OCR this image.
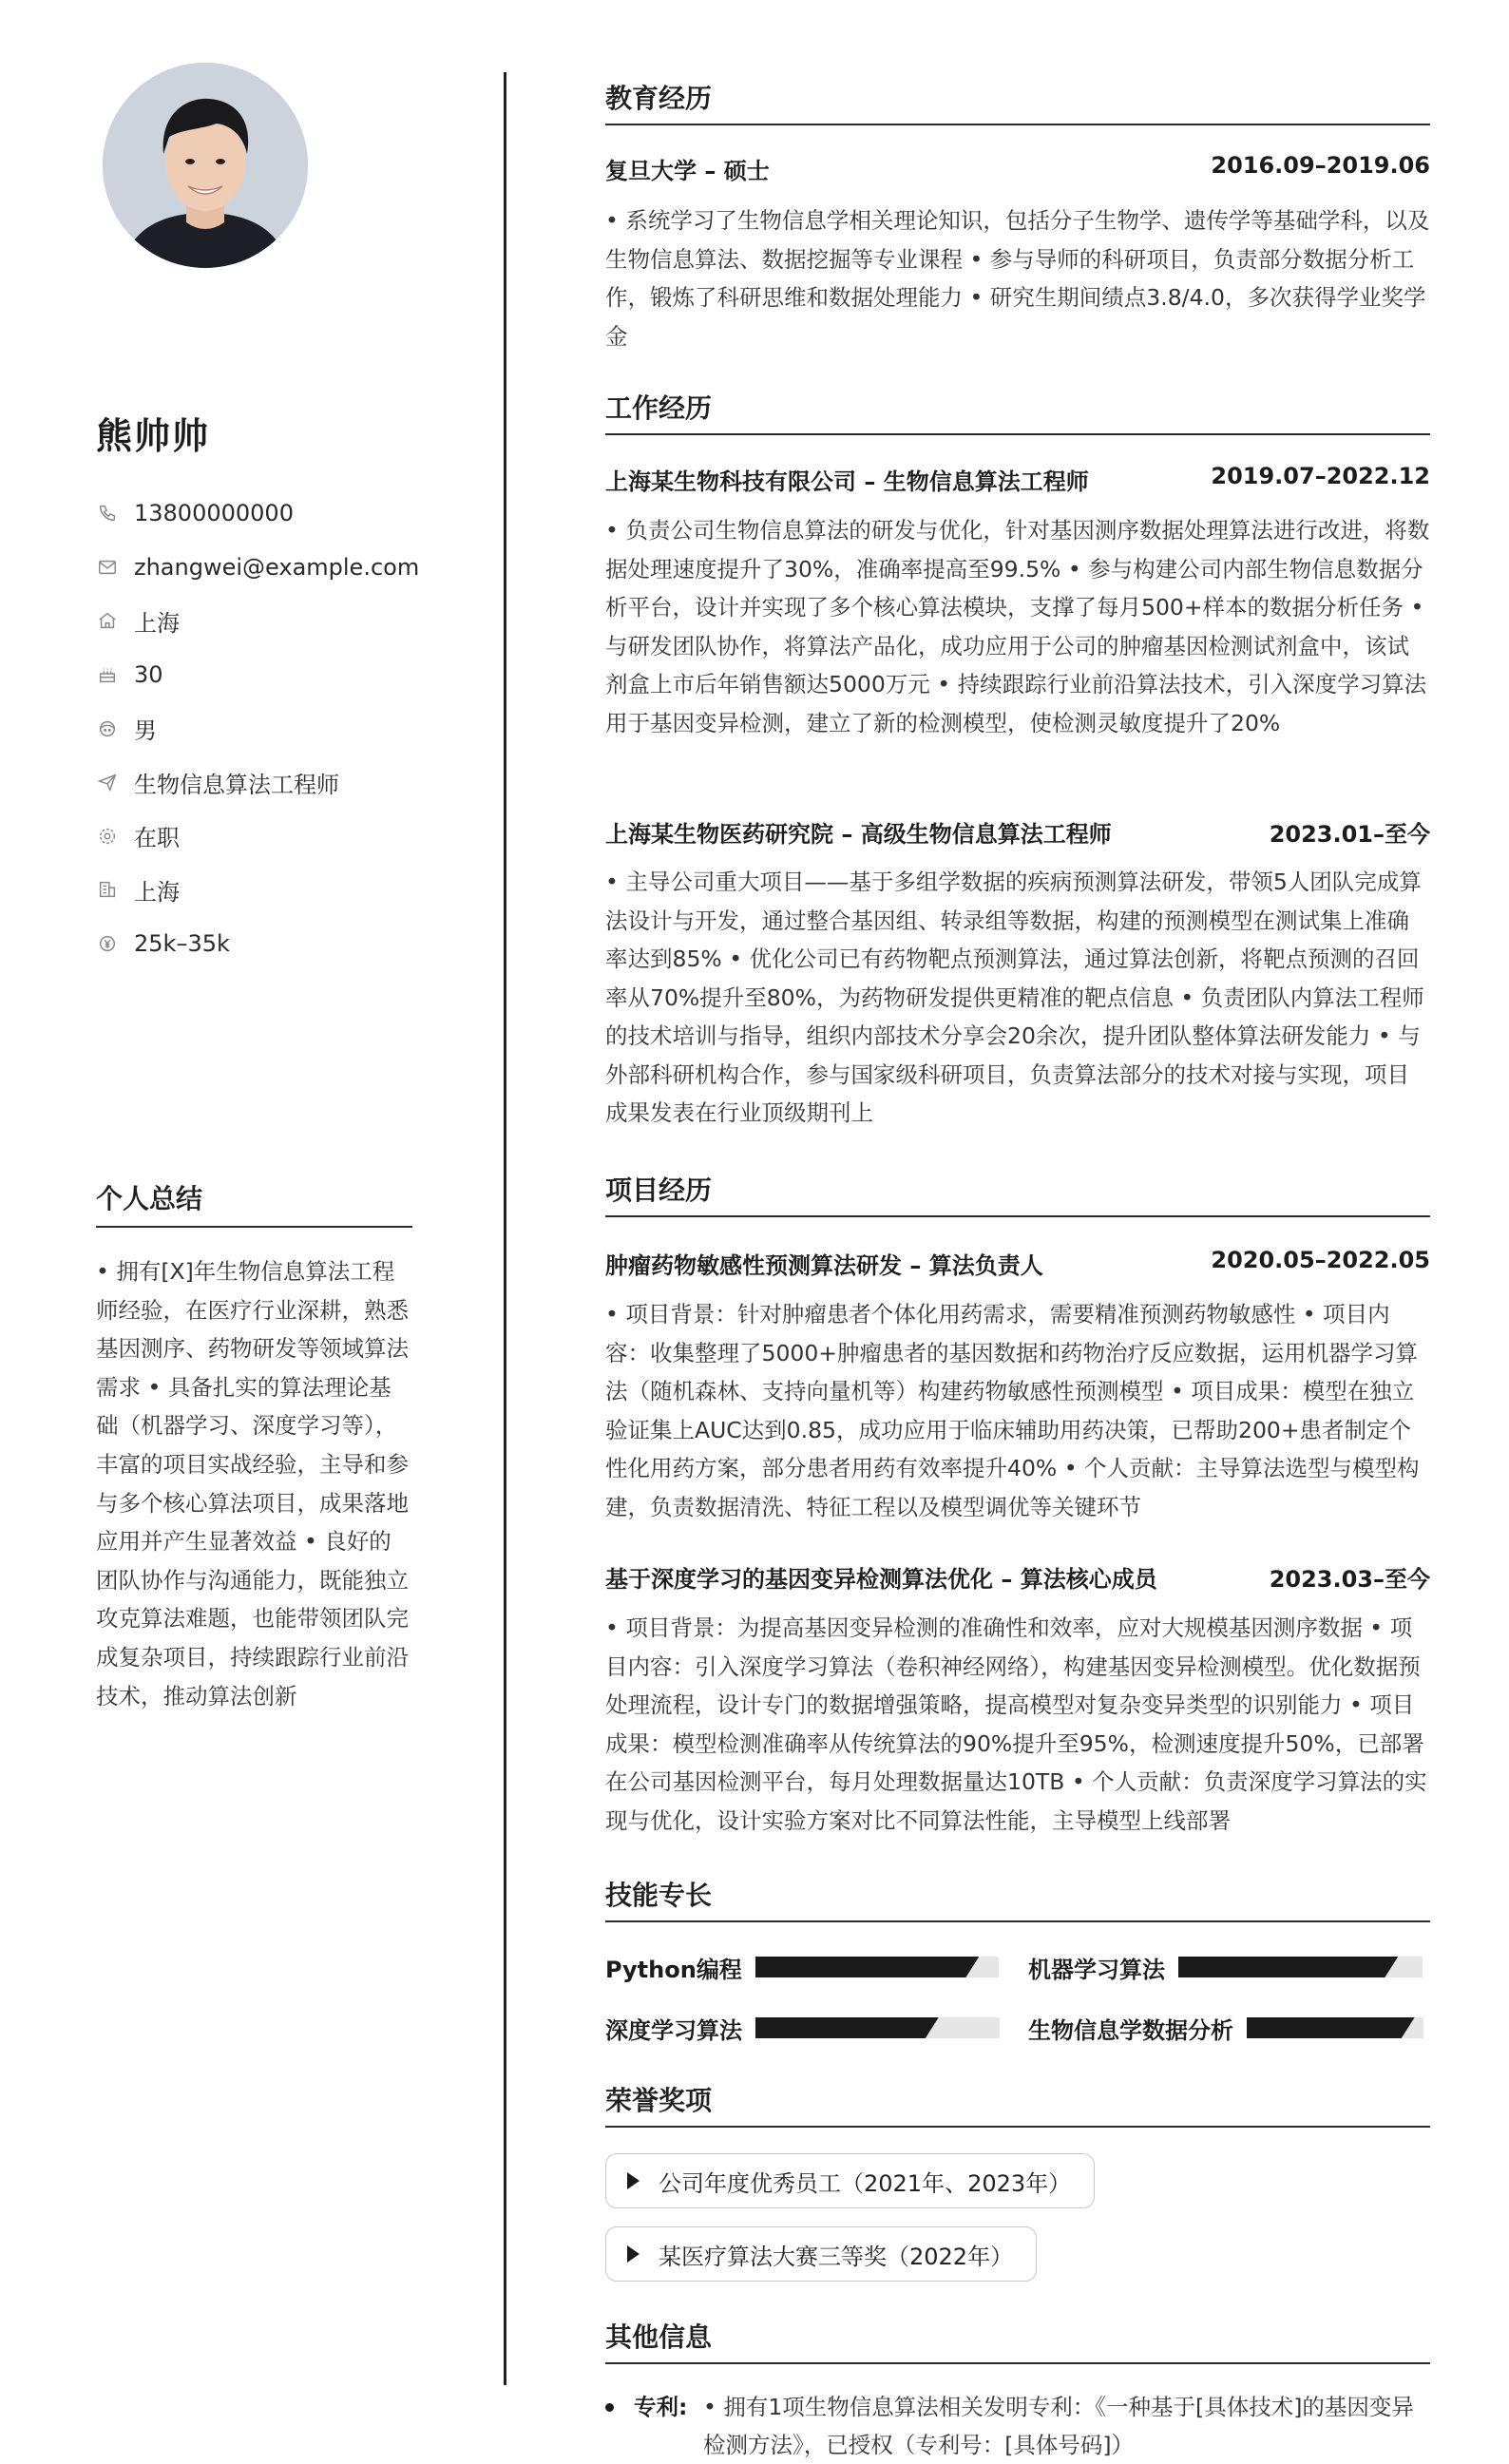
熊帅帅
13800000000
zhangwei@example.com
上海
30
男
生物信息算法工程师
在职
上海
25k–35k
个人总结
• 拥有[X]年生物信息算法工程师经验，在医疗行业深耕，熟悉基因测序、药物研发等领域算法需求 • 具备扎实的算法理论基础（机器学习、深度学习等），丰富的项目实战经验，主导和参与多个核心算法项目，成果落地应用并产生显著效益 • 良好的团队协作与沟通能力，既能独立攻克算法难题，也能带领团队完成复杂项目，持续跟踪行业前沿技术，推动算法创新
教育经历
复旦大学 – 硕士	2016.09–2019.06
• 系统学习了生物信息学相关理论知识，包括分子生物学、遗传学等基础学科，以及生物信息算法、数据挖掘等专业课程 • 参与导师的科研项目，负责部分数据分析工作，锻炼了科研思维和数据处理能力 • 研究生期间绩点3.8/4.0，多次获得学业奖学金
工作经历
上海某生物科技有限公司 – 生物信息算法工程师	2019.07–2022.12
• 负责公司生物信息算法的研发与优化，针对基因测序数据处理算法进行改进，将数据处理速度提升了30%，准确率提高至99.5% • 参与构建公司内部生物信息数据分析平台，设计并实现了多个核心算法模块，支撑了每月500+样本的数据分析任务 • 与研发团队协作，将算法产品化，成功应用于公司的肿瘤基因检测试剂盒中，该试剂盒上市后年销售额达5000万元 • 持续跟踪行业前沿算法技术，引入深度学习算法用于基因变异检测，建立了新的检测模型，使检测灵敏度提升了20%
上海某生物医药研究院 – 高级生物信息算法工程师	2023.01–至今
• 主导公司重大项目——基于多组学数据的疾病预测算法研发，带领5人团队完成算法设计与开发，通过整合基因组、转录组等数据，构建的预测模型在测试集上准确率达到85% • 优化公司已有药物靶点预测算法，通过算法创新，将靶点预测的召回率从70%提升至80%，为药物研发提供更精准的靶点信息 • 负责团队内算法工程师的技术培训与指导，组织内部技术分享会20余次，提升团队整体算法研发能力 • 与外部科研机构合作，参与国家级科研项目，负责算法部分的技术对接与实现，项目成果发表在行业顶级期刊上
项目经历
肿瘤药物敏感性预测算法研发 – 算法负责人	2020.05–2022.05
• 项目背景：针对肿瘤患者个体化用药需求，需要精准预测药物敏感性 • 项目内容：收集整理了5000+肿瘤患者的基因数据和药物治疗反应数据，运用机器学习算法（随机森林、支持向量机等）构建药物敏感性预测模型 • 项目成果：模型在独立验证集上AUC达到0.85，成功应用于临床辅助用药决策，已帮助200+患者制定个性化用药方案，部分患者用药有效率提升40% • 个人贡献：主导算法选型与模型构建，负责数据清洗、特征工程以及模型调优等关键环节
基于深度学习的基因变异检测算法优化 – 算法核心成员	2023.03–至今
• 项目背景：为提高基因变异检测的准确性和效率，应对大规模基因测序数据 • 项目内容：引入深度学习算法（卷积神经网络），构建基因变异检测模型。优化数据预处理流程，设计专门的数据增强策略，提高模型对复杂变异类型的识别能力 • 项目成果：模型检测准确率从传统算法的90%提升至95%，检测速度提升50%，已部署在公司基因检测平台，每月处理数据量达10TB • 个人贡献：负责深度学习算法的实现与优化，设计实验方案对比不同算法性能，主导模型上线部署
技能专长
Python编程	机器学习算法
深度学习算法	生物信息学数据分析
荣誉奖项
公司年度优秀员工（2021年、2023年）
某医疗算法大赛三等奖（2022年）
其他信息
专利: • 拥有1项生物信息算法相关发明专利：《一种基于[具体技术]的基因变异检测方法》，已授权（专利号：[具体号码]）
